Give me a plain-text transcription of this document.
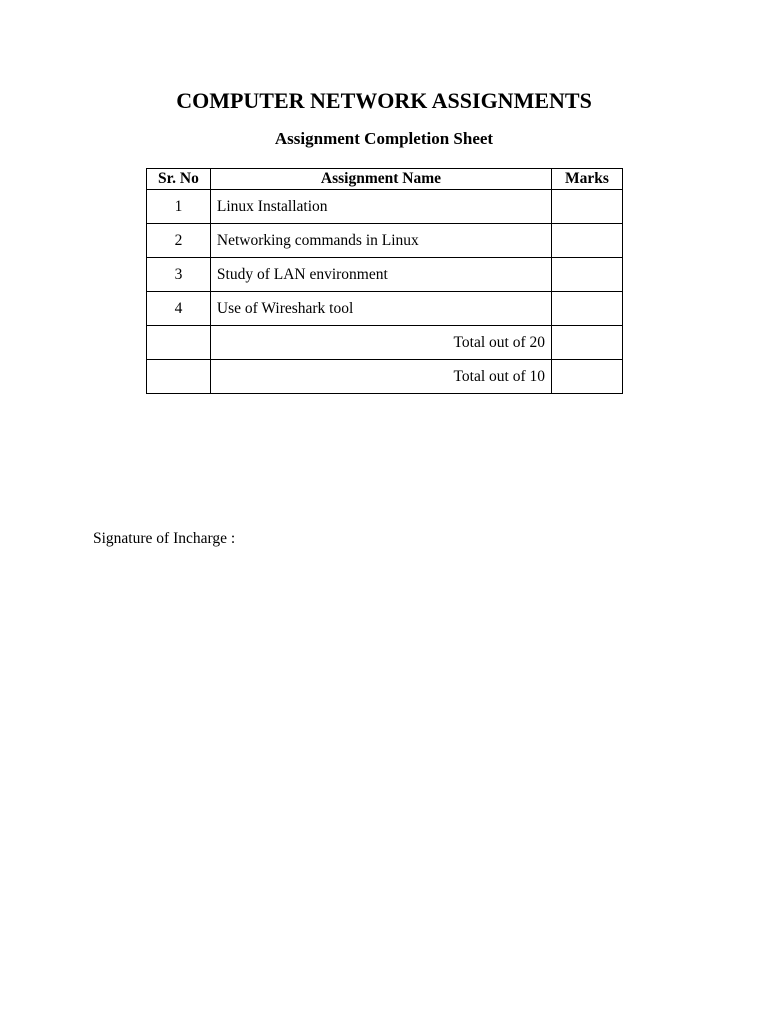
COMPUTER NETWORK ASSIGNMENTS
Assignment Completion Sheet
Sr. No	Assignment Name	Marks
1	Linux Installation	
2	Networking commands in Linux	
3	Study of LAN environment	
4	Use of Wireshark tool	
	Total out of 20	
	Total out of 10	
Signature of Incharge :
